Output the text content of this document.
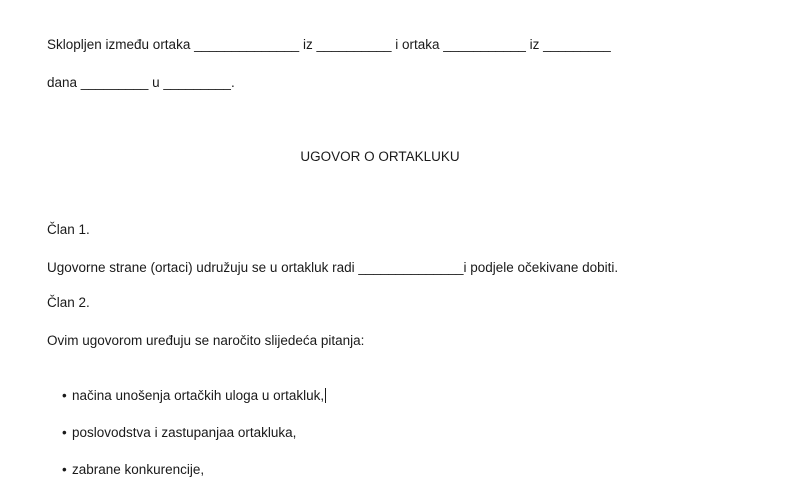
Sklopljen između ortaka ______________ iz __________ i ortaka ___________ iz _________
dana _________ u _________.
UGOVOR O ORTAKLUKU
Član 1.
Ugovorne strane (ortaci) udružuju se u ortakluk radi ______________i podjele očekivane dobiti.
Član 2.
Ovim ugovorom uređuju se naročito slijedeća pitanja:

• načina unošenja ortačkih uloga u ortakluk,

• poslovodstva i zastupanjaa ortakluka,

• zabrane konkurencije,
